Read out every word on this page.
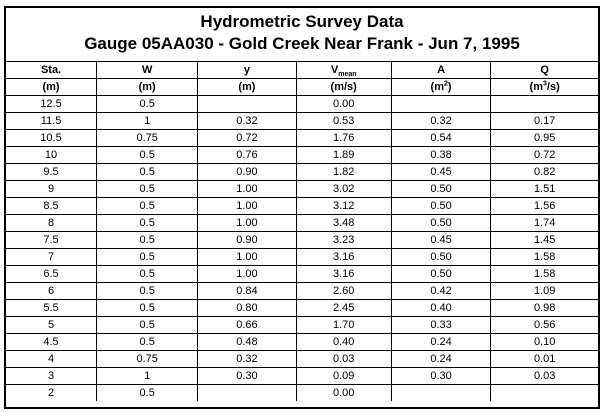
Hydrometric Survey Data
Gauge 05AA030 - Gold Creek Near Frank - Jun 7, 1995
Sta.	W	y	$V_{mean}$	A	Q
(m)	(m)	(m)	(m/s)	$(m^2)$	$(m^3/s)$
12.5	0.5		0.00		
11.5	1	0.32	0.53	0.32	0.17
10.5	0.75	0.72	1.76	0.54	0.95
10	0.5	0.76	1.89	0.38	0.72
9.5	0.5	0.90	1.82	0.45	0.82
9	0.5	1.00	3.02	0.50	1.51
8.5	0.5	1.00	3.12	0.50	1.56
8	0.5	1.00	3.48	0.50	1.74
7.5	0.5	0.90	3.23	0.45	1.45
7	0.5	1.00	3.16	0.50	1.58
6.5	0.5	1.00	3.16	0.50	1.58
6	0.5	0.84	2.60	0.42	1.09
5.5	0.5	0.80	2.45	0.40	0.98
5	0.5	0.66	1.70	0.33	0.56
4.5	0.5	0.48	0.40	0.24	0.10
4	0.75	0.32	0.03	0.24	0.01
3	1	0.30	0.09	0.30	0.03
2	0.5		0.00		
